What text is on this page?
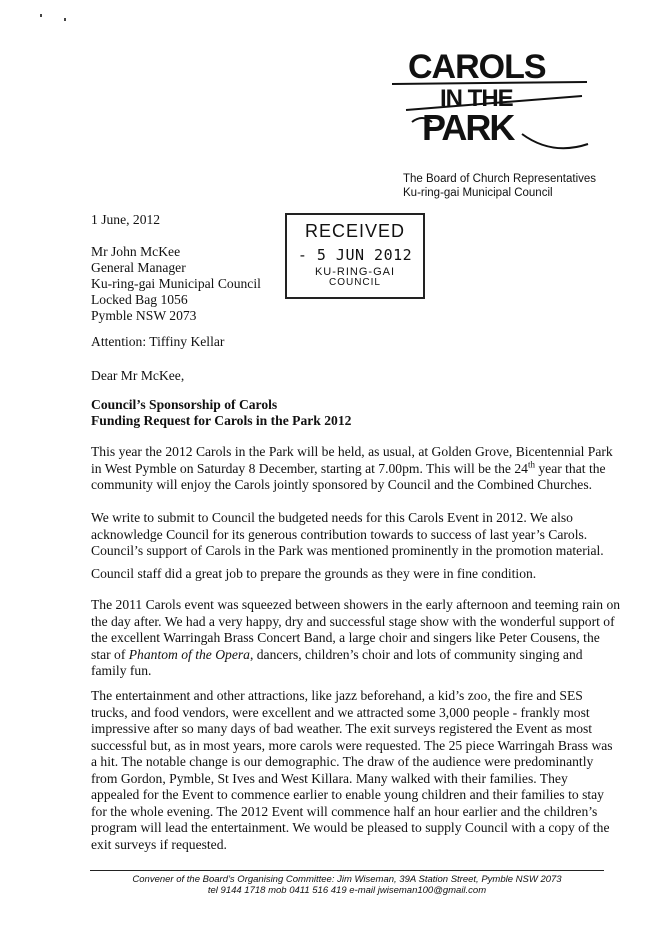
CAROLS
IN THE
PARK
The Board of Church Representatives
Ku-ring-gai Municipal Council
RECEIVED
- 5 JUN 2012
KU-RING-GAI
COUNCIL
1 June, 2012
Mr John McKee
General Manager
Ku-ring-gai Municipal Council
Locked Bag 1056
Pymble NSW 2073
Attention: Tiffiny Kellar
Dear Mr McKee,
Council’s Sponsorship of Carols
Funding Request for Carols in the Park 2012
This year the 2012 Carols in the Park will be held, as usual, at Golden Grove, Bicentennial Park
in West Pymble on Saturday 8 December, starting at 7.00pm. This will be the 24th year that the
community will enjoy the Carols jointly sponsored by Council and the Combined Churches.
We write to submit to Council the budgeted needs for this Carols Event in 2012. We also
acknowledge Council for its generous contribution towards to success of last year’s Carols.
Council’s support of Carols in the Park was mentioned prominently in the promotion material.
Council staff did a great job to prepare the grounds as they were in fine condition.
The 2011 Carols event was squeezed between showers in the early afternoon and teeming rain on
the day after. We had a very happy, dry and successful stage show with the wonderful support of
the excellent Warringah Brass Concert Band, a large choir and singers like Peter Cousens, the
star of Phantom of the Opera, dancers, children’s choir and lots of community singing and
family fun.
The entertainment and other attractions, like jazz beforehand, a kid’s zoo, the fire and SES
trucks, and food vendors, were excellent and we attracted some 3,000 people - frankly most
impressive after so many days of bad weather. The exit surveys registered the Event as most
successful but, as in most years, more carols were requested. The 25 piece Warringah Brass was
a hit. The notable change is our demographic. The draw of the audience were predominantly
from Gordon, Pymble, St Ives and West Killara. Many walked with their families. They
appealed for the Event to commence earlier to enable young children and their families to stay
for the whole evening. The 2012 Event will commence half an hour earlier and the children’s
program will lead the entertainment. We would be pleased to supply Council with a copy of the
exit surveys if requested.
Convener of the Board’s Organising Committee: Jim Wiseman, 39A Station Street, Pymble NSW 2073
tel 9144 1718 mob 0411 516 419 e-mail jwiseman100@gmail.com
